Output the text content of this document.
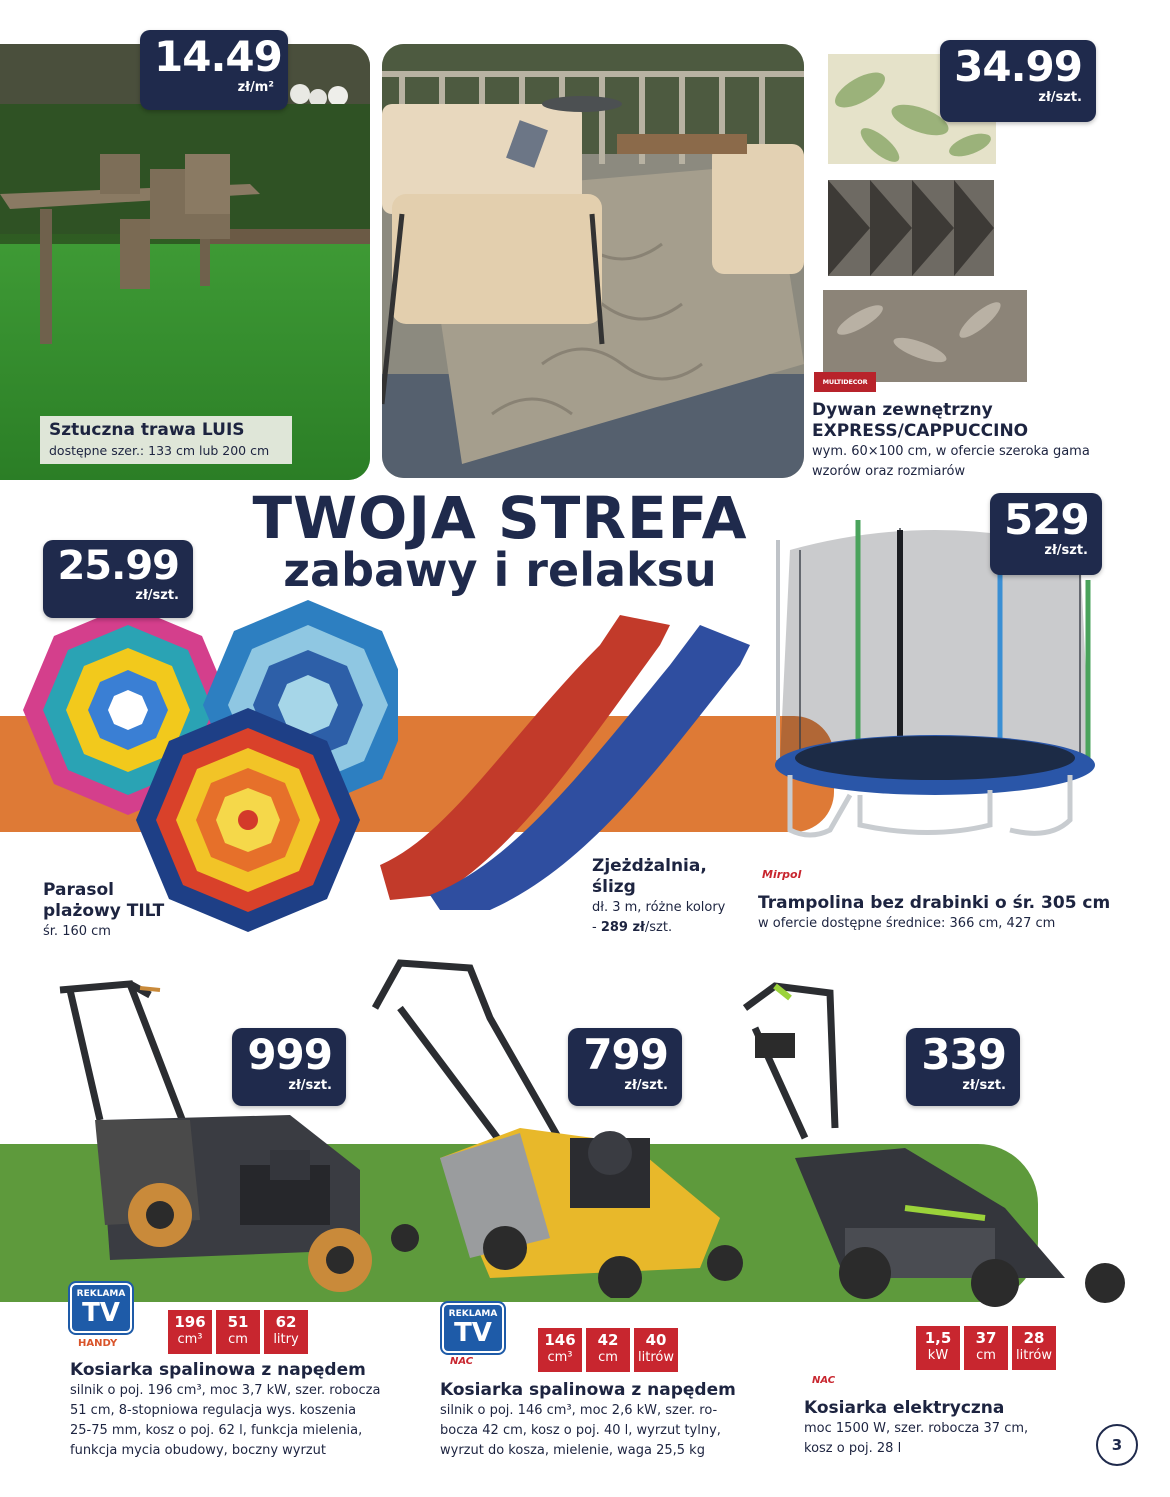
Sztuczna trawa LUIS
dostępne szer.: 133 cm lub 200 cm
14.49
zł/m²	34.99
zł/szt.
MULTIDECOR
Dywan zewnętrzny
EXPRESS/CAPPUCCINO
wym. 60×100 cm, w ofercie szeroka gama
wzorów oraz rozmiarów
TWOJA STREFA
zabawy i relaksu
25.99
zł/szt.
Parasol
plażowy TILT
śr. 160 cm
Zjeżdżalnia,
ślizg
dł. 3 m, różne kolory
- 289 zł/szt.
529
zł/szt.
Mirpol
Trampolina bez drabinki o śr. 305 cm
w ofercie dostępne średnice: 366 cm, 427 cm
999
zł/szt.
REKLAMA
TV
HANDY
196
cm³
51
cm
62
litry
Kosiarka spalinowa z napędem
silnik o poj. 196 cm³, moc 3,7 kW, szer. robocza
51 cm, 8-stopniowa regulacja wys. koszenia
25-75 mm, kosz o poj. 62 l, funkcja mielenia,
funkcja mycia obudowy, boczny wyrzut
799
zł/szt.
REKLAMA
TV
NAC
146
cm³
42
cm
40
litrów
Kosiarka spalinowa z napędem
silnik o poj. 146 cm³, moc 2,6 kW, szer. ro-
bocza 42 cm, kosz o poj. 40 l, wyrzut tylny,
wyrzut do kosza, mielenie, waga 25,5 kg
339
zł/szt.
1,5
kW
37
cm
28
litrów
NAC
Kosiarka elektryczna
moc 1500 W, szer. robocza 37 cm,
kosz o poj. 28 l	3
